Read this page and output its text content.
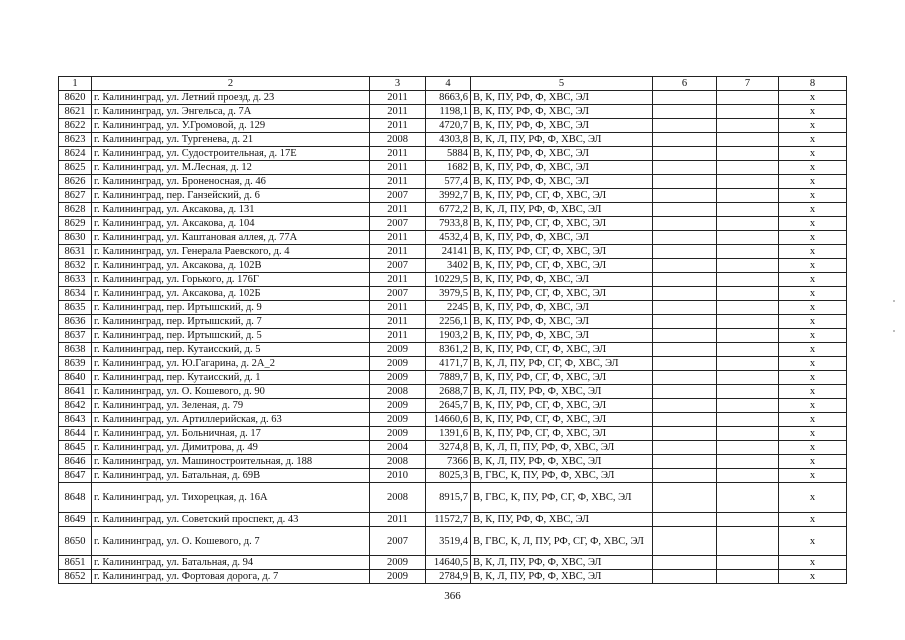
1	2	3	4	5	6	7	8
8620	г. Калининград, ул. Летний проезд, д. 23	2011	8663,6	В, К, ПУ, РФ, Ф, ХВС, ЭЛ			x
8621	г. Калининград, ул. Энгельса, д. 7А	2011	1198,1	В, К, ПУ, РФ, Ф, ХВС, ЭЛ			x
8622	г. Калининград, ул. У.Громовой, д. 129	2011	4720,7	В, К, ПУ, РФ, Ф, ХВС, ЭЛ			x
8623	г. Калининград, ул. Тургенева, д. 21	2008	4303,8	В, К, Л, ПУ, РФ, Ф, ХВС, ЭЛ			x
8624	г. Калининград, ул. Судостроительная, д. 17Е	2011	5884	В, К, ПУ, РФ, Ф, ХВС, ЭЛ			x
8625	г. Калининград, ул. М.Лесная, д. 12	2011	1682	В, К, ПУ, РФ, Ф, ХВС, ЭЛ			x
8626	г. Калининград, ул. Броненосная, д. 46	2011	577,4	В, К, ПУ, РФ, Ф, ХВС, ЭЛ			x
8627	г. Калининград, пер. Ганзейский, д. 6	2007	3992,7	В, К, ПУ, РФ, СГ, Ф, ХВС, ЭЛ			x
8628	г. Калининград, ул. Аксакова, д. 131	2011	6772,2	В, К, Л, ПУ, РФ, Ф, ХВС, ЭЛ			x
8629	г. Калининград, ул. Аксакова, д. 104	2007	7933,8	В, К, ПУ, РФ, СГ, Ф, ХВС, ЭЛ			x
8630	г. Калининград, ул. Каштановая аллея, д. 77А	2011	4532,4	В, К, ПУ, РФ, Ф, ХВС, ЭЛ			x
8631	г. Калининград, ул. Генерала Раевского, д. 4	2011	24141	В, К, ПУ, РФ, СГ, Ф, ХВС, ЭЛ			x
8632	г. Калининград, ул. Аксакова, д. 102В	2007	3402	В, К, ПУ, РФ, СГ, Ф, ХВС, ЭЛ			x
8633	г. Калининград, ул. Горького, д. 176Г	2011	10229,5	В, К, ПУ, РФ, Ф, ХВС, ЭЛ			x
8634	г. Калининград, ул. Аксакова, д. 102Б	2007	3979,5	В, К, ПУ, РФ, СГ, Ф, ХВС, ЭЛ			x
8635	г. Калининград, пер. Иртышский, д. 9	2011	2245	В, К, ПУ, РФ, Ф, ХВС, ЭЛ			x
8636	г. Калининград, пер. Иртышский, д. 7	2011	2256,1	В, К, ПУ, РФ, Ф, ХВС, ЭЛ			x
8637	г. Калининград, пер. Иртышский, д. 5	2011	1903,2	В, К, ПУ, РФ, Ф, ХВС, ЭЛ			x
8638	г. Калининград, пер. Кутаисский, д. 5	2009	8361,2	В, К, ПУ, РФ, СГ, Ф, ХВС, ЭЛ			x
8639	г. Калининград, ул. Ю.Гагарина, д. 2А_2	2009	4171,7	В, К, Л, ПУ, РФ, СГ, Ф, ХВС, ЭЛ			x
8640	г. Калининград, пер. Кутаисский, д. 1	2009	7889,7	В, К, ПУ, РФ, СГ, Ф, ХВС, ЭЛ			x
8641	г. Калининград, ул. О. Кошевого, д. 90	2008	2688,7	В, К, Л, ПУ, РФ, Ф, ХВС, ЭЛ			x
8642	г. Калининград, ул. Зеленая, д. 79	2009	2645,7	В, К, ПУ, РФ, СГ, Ф, ХВС, ЭЛ			x
8643	г. Калининград, ул. Артиллерийская, д. 63	2009	14660,6	В, К, ПУ, РФ, СГ, Ф, ХВС, ЭЛ			x
8644	г. Калининград, ул. Больничная, д. 17	2009	1391,6	В, К, ПУ, РФ, СГ, Ф, ХВС, ЭЛ			x
8645	г. Калининград, ул. Димитрова, д. 49	2004	3274,8	В, К, Л, П, ПУ, РФ, Ф, ХВС, ЭЛ			x
8646	г. Калининград, ул. Машиностроительная, д. 188	2008	7366	В, К, Л, ПУ, РФ, Ф, ХВС, ЭЛ			x
8647	г. Калининград, ул. Батальная, д. 69В	2010	8025,3	В, ГВС, К, ПУ, РФ, Ф, ХВС, ЭЛ			x
8648	г. Калининград, ул. Тихорецкая, д. 16А	2008	8915,7	В, ГВС, К, ПУ, РФ, СГ, Ф, ХВС, ЭЛ			x
8649	г. Калининград, ул. Советский проспект, д. 43	2011	11572,7	В, К, ПУ, РФ, Ф, ХВС, ЭЛ			x
8650	г. Калининград, ул. О. Кошевого, д. 7	2007	3519,4	В, ГВС, К, Л, ПУ, РФ, СГ, Ф, ХВС, ЭЛ			x
8651	г. Калининград, ул. Батальная, д. 94	2009	14640,5	В, К, Л, ПУ, РФ, Ф, ХВС, ЭЛ			x
8652	г. Калининград, ул. Фортовая дорога, д. 7	2009	2784,9	В, К, Л, ПУ, РФ, Ф, ХВС, ЭЛ			x
366
